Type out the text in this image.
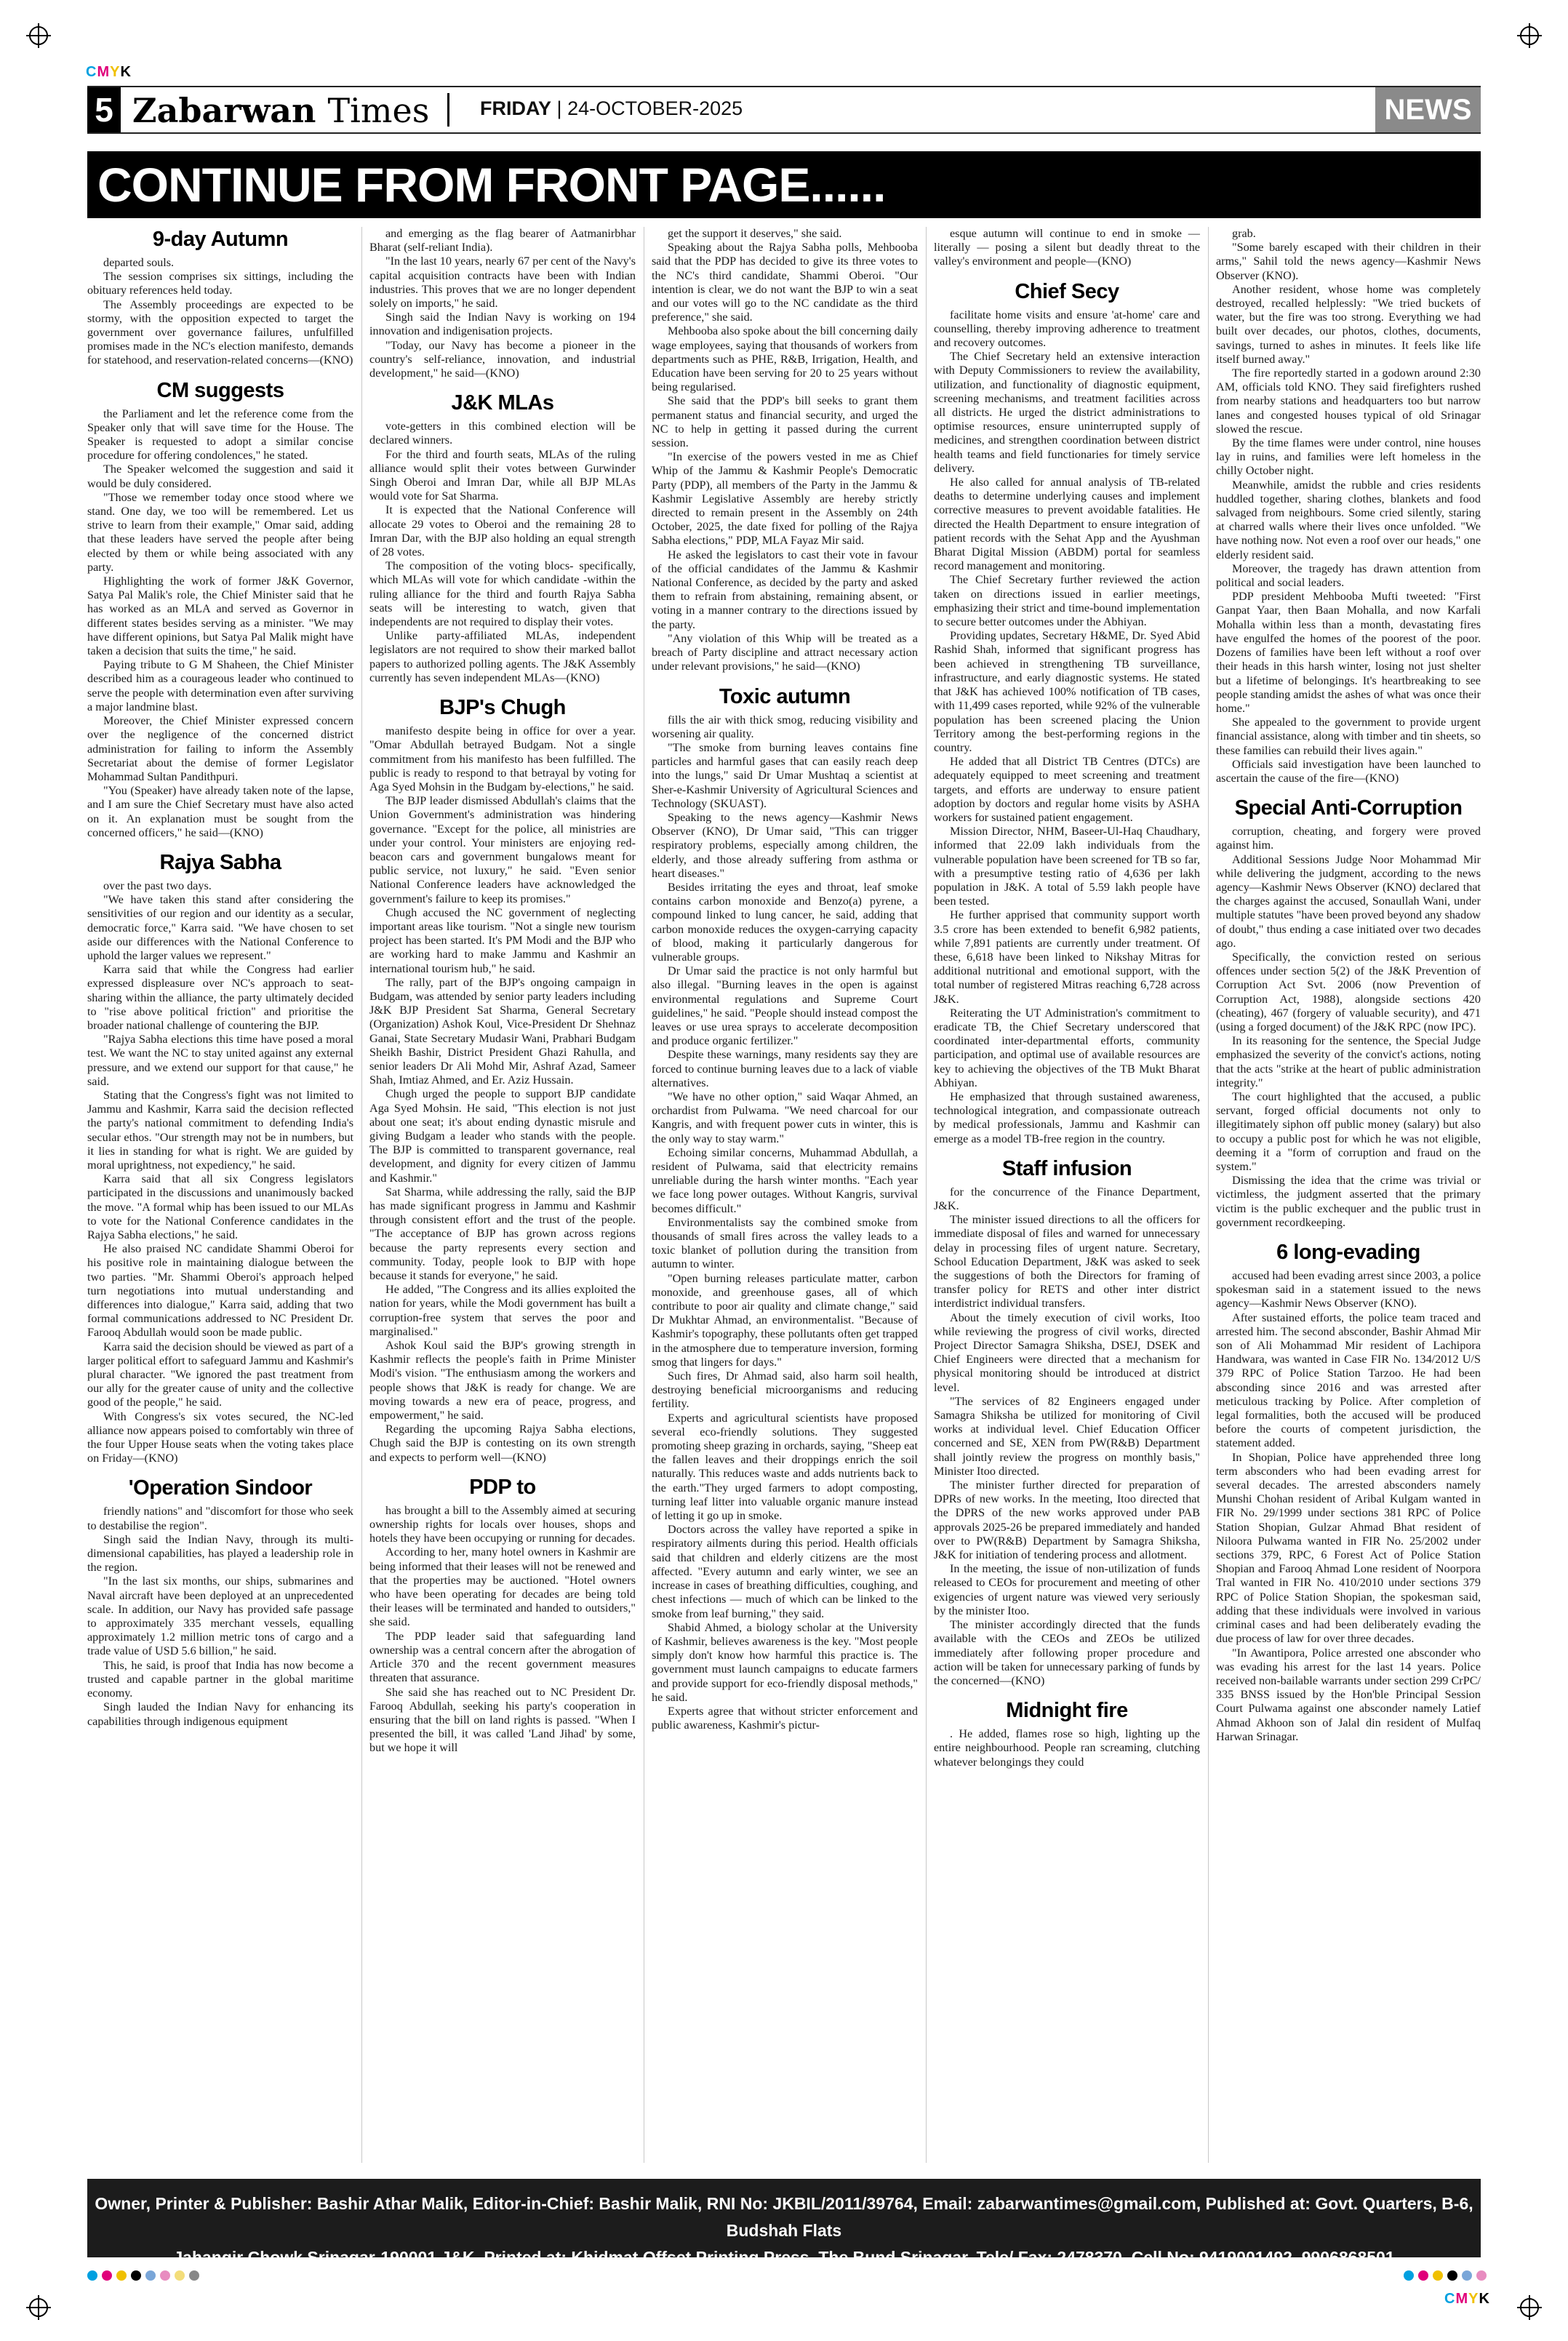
CMYK
CMYK
5 Zabarwan Times	FRIDAY | 24-OCTOBER-2025	NEWS
CONTINUE FROM FRONT PAGE......
9-day Autumn

departed souls.

The session comprises six sittings, including the obituary references held today.

The Assembly proceedings are expected to be stormy, with the opposition expected to target the government over governance failures, unfulfilled promises made in the NC's election manifesto, demands for statehood, and reservation-related concerns—(KNO)

CM suggests

the Parliament and let the reference come from the Speaker only that will save time for the House. The Speaker is requested to adopt a similar concise procedure for offering condolences," he stated.

The Speaker welcomed the suggestion and said it would be duly considered.

"Those we remember today once stood where we stand. One day, we too will be remembered. Let us strive to learn from their example," Omar said, adding that these leaders have served the people after being elected by them or while being associated with any party.

Highlighting the work of former J&K Governor, Satya Pal Malik's role, the Chief Minister said that he has worked as an MLA and served as Governor in different states besides serving as a minister. "We may have different opinions, but Satya Pal Malik might have taken a decision that suits the time," he said.

Paying tribute to G M Shaheen, the Chief Minister described him as a courageous leader who continued to serve the people with determination even after surviving a major landmine blast.

Moreover, the Chief Minister expressed concern over the negligence of the concerned district administration for failing to inform the Assembly Secretariat about the demise of former Legislator Mohammad Sultan Pandithpuri.

"You (Speaker) have already taken note of the lapse, and I am sure the Chief Secretary must have also acted on it. An explanation must be sought from the concerned officers," he said—(KNO)

Rajya Sabha

over the past two days.

"We have taken this stand after considering the sensitivities of our region and our identity as a secular, democratic force," Karra said. "We have chosen to set aside our differences with the National Conference to uphold the larger values we represent."

Karra said that while the Congress had earlier expressed displeasure over NC's approach to seat-sharing within the alliance, the party ultimately decided to "rise above political friction" and prioritise the broader national challenge of countering the BJP.

"Rajya Sabha elections this time have posed a moral test. We want the NC to stay united against any external pressure, and we extend our support for that cause," he said.

Stating that the Congress's fight was not limited to Jammu and Kashmir, Karra said the decision reflected the party's national commitment to defending India's secular ethos. "Our strength may not be in numbers, but it lies in standing for what is right. We are guided by moral uprightness, not expediency," he said.

Karra said that all six Congress legislators participated in the discussions and unanimously backed the move. "A formal whip has been issued to our MLAs to vote for the National Conference candidates in the Rajya Sabha elections," he said.

He also praised NC candidate Shammi Oberoi for his positive role in maintaining dialogue between the two parties. "Mr. Shammi Oberoi's approach helped turn negotiations into mutual understanding and differences into dialogue," Karra said, adding that two formal communications addressed to NC President Dr. Farooq Abdullah would soon be made public.

Karra said the decision should be viewed as part of a larger political effort to safeguard Jammu and Kashmir's plural character. "We ignored the past treatment from our ally for the greater cause of unity and the collective good of the people," he said.

With Congress's six votes secured, the NC-led alliance now appears poised to comfortably win three of the four Upper House seats when the voting takes place on Friday—(KNO)

'Operation Sindoor

friendly nations" and "discomfort for those who seek to destabilise the region".

Singh said the Indian Navy, through its multi-dimensional capabilities, has played a leadership role in the region.

"In the last six months, our ships, submarines and Naval aircraft have been deployed at an unprecedented scale. In addition, our Navy has provided safe passage to approximately 335 merchant vessels, equalling approximately 1.2 million metric tons of cargo and a trade value of USD 5.6 billion," he said.

This, he said, is proof that India has now become a trusted and capable partner in the global maritime economy.

Singh lauded the Indian Navy for enhancing its capabilities through indigenous equipment

and emerging as the flag bearer of Aatmanirbhar Bharat (self-reliant India).

"In the last 10 years, nearly 67 per cent of the Navy's capital acquisition contracts have been with Indian industries. This proves that we are no longer dependent solely on imports," he said.

Singh said the Indian Navy is working on 194 innovation and indigenisation projects.

"Today, our Navy has become a pioneer in the country's self-reliance, innovation, and industrial development," he said—(KNO)

J&K MLAs

vote-getters in this combined election will be declared winners.

For the third and fourth seats, MLAs of the ruling alliance would split their votes between Gurwinder Singh Oberoi and Imran Dar, while all BJP MLAs would vote for Sat Sharma.

It is expected that the National Conference will allocate 29 votes to Oberoi and the remaining 28 to Imran Dar, with the BJP also holding an equal strength of 28 votes.

The composition of the voting blocs- specifically, which MLAs will vote for which candidate -within the ruling alliance for the third and fourth Rajya Sabha seats will be interesting to watch, given that independents are not required to display their votes.

Unlike party-affiliated MLAs, independent legislators are not required to show their marked ballot papers to authorized polling agents. The J&K Assembly currently has seven independent MLAs—(KNO)

BJP's Chugh

manifesto despite being in office for over a year. "Omar Abdullah betrayed Budgam. Not a single commitment from his manifesto has been fulfilled. The public is ready to respond to that betrayal by voting for Aga Syed Mohsin in the Budgam by-elections," he said.

The BJP leader dismissed Abdullah's claims that the Union Government's administration was hindering governance. "Except for the police, all ministries are under your control. Your ministers are enjoying red-beacon cars and government bungalows meant for public service, not luxury," he said. "Even senior National Conference leaders have acknowledged the government's failure to keep its promises."

Chugh accused the NC government of neglecting important areas like tourism. "Not a single new tourism project has been started. It's PM Modi and the BJP who are working hard to make Jammu and Kashmir an international tourism hub," he said.

The rally, part of the BJP's ongoing campaign in Budgam, was attended by senior party leaders including J&K BJP President Sat Sharma, General Secretary (Organization) Ashok Koul, Vice-President Dr Shehnaz Ganai, State Secretary Mudasir Wani, Prabhari Budgam Sheikh Bashir, District President Ghazi Rahulla, and senior leaders Dr Ali Mohd Mir, Ashraf Azad, Sameer Shah, Imtiaz Ahmed, and Er. Aziz Hussain.

Chugh urged the people to support BJP candidate Aga Syed Mohsin. He said, "This election is not just about one seat; it's about ending dynastic misrule and giving Budgam a leader who stands with the people. The BJP is committed to transparent governance, real development, and dignity for every citizen of Jammu and Kashmir."

Sat Sharma, while addressing the rally, said the BJP has made significant progress in Jammu and Kashmir through consistent effort and the trust of the people. "The acceptance of BJP has grown across regions because the party represents every section and community. Today, people look to BJP with hope because it stands for everyone," he said.

He added, "The Congress and its allies exploited the nation for years, while the Modi government has built a corruption-free system that serves the poor and marginalised."

Ashok Koul said the BJP's growing strength in Kashmir reflects the people's faith in Prime Minister Modi's vision. "The enthusiasm among the workers and people shows that J&K is ready for change. We are moving towards a new era of peace, progress, and empowerment," he said.

Regarding the upcoming Rajya Sabha elections, Chugh said the BJP is contesting on its own strength and expects to perform well—(KNO)

PDP to

has brought a bill to the Assembly aimed at securing ownership rights for locals over houses, shops and hotels they have been occupying or running for decades.

According to her, many hotel owners in Kashmir are being informed that their leases will not be renewed and that the properties may be auctioned. "Hotel owners who have been operating for decades are being told their leases will be terminated and handed to outsiders," she said.

The PDP leader said that safeguarding land ownership was a central concern after the abrogation of Article 370 and the recent government measures threaten that assurance.

She said she has reached out to NC President Dr. Farooq Abdullah, seeking his party's cooperation in ensuring that the bill on land rights is passed. "When I presented the bill, it was called 'Land Jihad' by some, but we hope it will

get the support it deserves," she said.

Speaking about the Rajya Sabha polls, Mehbooba said that the PDP has decided to give its three votes to the NC's third candidate, Shammi Oberoi. "Our intention is clear, we do not want the BJP to win a seat and our votes will go to the NC candidate as the third preference," she said.

Mehbooba also spoke about the bill concerning daily wage employees, saying that thousands of workers from departments such as PHE, R&B, Irrigation, Health, and Education have been serving for 20 to 25 years without being regularised.

She said that the PDP's bill seeks to grant them permanent status and financial security, and urged the NC to help in getting it passed during the current session.

"In exercise of the powers vested in me as Chief Whip of the Jammu & Kashmir People's Democratic Party (PDP), all members of the Party in the Jammu & Kashmir Legislative Assembly are hereby strictly directed to remain present in the Assembly on 24th October, 2025, the date fixed for polling of the Rajya Sabha elections," PDP, MLA Fayaz Mir said.

He asked the legislators to cast their vote in favour of the official candidates of the Jammu & Kashmir National Conference, as decided by the party and asked them to refrain from abstaining, remaining absent, or voting in a manner contrary to the directions issued by the party.

"Any violation of this Whip will be treated as a breach of Party discipline and attract necessary action under relevant provisions," he said—(KNO)

Toxic autumn

fills the air with thick smog, reducing visibility and worsening air quality.

"The smoke from burning leaves contains fine particles and harmful gases that can easily reach deep into the lungs," said Dr Umar Mushtaq a scientist at Sher-e-Kashmir University of Agricultural Sciences and Technology (SKUAST).

Speaking to the news agency—Kashmir News Observer (KNO), Dr Umar said, "This can trigger respiratory problems, especially among children, the elderly, and those already suffering from asthma or heart diseases."

Besides irritating the eyes and throat, leaf smoke contains carbon monoxide and Benzo(a) pyrene, a compound linked to lung cancer, he said, adding that carbon monoxide reduces the oxygen-carrying capacity of blood, making it particularly dangerous for vulnerable groups.

Dr Umar said the practice is not only harmful but also illegal. "Burning leaves in the open is against environmental regulations and Supreme Court guidelines," he said. "People should instead compost the leaves or use urea sprays to accelerate decomposition and produce organic fertilizer."

Despite these warnings, many residents say they are forced to continue burning leaves due to a lack of viable alternatives.

"We have no other option," said Waqar Ahmed, an orchardist from Pulwama. "We need charcoal for our Kangris, and with frequent power cuts in winter, this is the only way to stay warm."

Echoing similar concerns, Muhammad Abdullah, a resident of Pulwama, said that electricity remains unreliable during the harsh winter months. "Each year we face long power outages. Without Kangris, survival becomes difficult."

Environmentalists say the combined smoke from thousands of small fires across the valley leads to a toxic blanket of pollution during the transition from autumn to winter.

"Open burning releases particulate matter, carbon monoxide, and greenhouse gases, all of which contribute to poor air quality and climate change," said Dr Mukhtar Ahmad, an environmentalist. "Because of Kashmir's topography, these pollutants often get trapped in the atmosphere due to temperature inversion, forming smog that lingers for days."

Such fires, Dr Ahmad said, also harm soil health, destroying beneficial microorganisms and reducing fertility.

Experts and agricultural scientists have proposed several eco-friendly solutions. They suggested promoting sheep grazing in orchards, saying, "Sheep eat the fallen leaves and their droppings enrich the soil naturally. This reduces waste and adds nutrients back to the earth."They urged farmers to adopt composting, turning leaf litter into valuable organic manure instead of letting it go up in smoke.

Doctors across the valley have reported a spike in respiratory ailments during this period. Health officials said that children and elderly citizens are the most affected. "Every autumn and early winter, we see an increase in cases of breathing difficulties, coughing, and chest infections — much of which can be linked to the smoke from leaf burning," they said.

Shabid Ahmed, a biology scholar at the University of Kashmir, believes awareness is the key. "Most people simply don't know how harmful this practice is. The government must launch campaigns to educate farmers and provide support for eco-friendly disposal methods," he said.

Experts agree that without stricter enforcement and public awareness, Kashmir's pictur-

esque autumn will continue to end in smoke — literally — posing a silent but deadly threat to the valley's environment and people—(KNO)

Chief Secy

facilitate home visits and ensure 'at-home' care and counselling, thereby improving adherence to treatment and recovery outcomes.

The Chief Secretary held an extensive interaction with Deputy Commissioners to review the availability, utilization, and functionality of diagnostic equipment, screening mechanisms, and treatment facilities across all districts. He urged the district administrations to optimise resources, ensure uninterrupted supply of medicines, and strengthen coordination between district health teams and field functionaries for timely service delivery.

He also called for annual analysis of TB-related deaths to determine underlying causes and implement corrective measures to prevent avoidable fatalities. He directed the Health Department to ensure integration of patient records with the Sehat App and the Ayushman Bharat Digital Mission (ABDM) portal for seamless record management and monitoring.

The Chief Secretary further reviewed the action taken on directions issued in earlier meetings, emphasizing their strict and time-bound implementation to secure better outcomes under the Abhiyan.

Providing updates, Secretary H&ME, Dr. Syed Abid Rashid Shah, informed that significant progress has been achieved in strengthening TB surveillance, infrastructure, and early diagnostic systems. He stated that J&K has achieved 100% notification of TB cases, with 11,499 cases reported, while 92% of the vulnerable population has been screened placing the Union Territory among the best-performing regions in the country.

He added that all District TB Centres (DTCs) are adequately equipped to meet screening and treatment targets, and efforts are underway to ensure patient adoption by doctors and regular home visits by ASHA workers for sustained patient engagement.

Mission Director, NHM, Baseer-Ul-Haq Chaudhary, informed that 22.09 lakh individuals from the vulnerable population have been screened for TB so far, with a presumptive testing ratio of 4,636 per lakh population in J&K. A total of 5.59 lakh people have been tested.

He further apprised that community support worth 3.5 crore has been extended to benefit 6,982 patients, while 7,891 patients are currently under treatment. Of these, 6,618 have been linked to Nikshay Mitras for additional nutritional and emotional support, with the total number of registered Mitras reaching 6,728 across J&K.

Reiterating the UT Administration's commitment to eradicate TB, the Chief Secretary underscored that coordinated inter-departmental efforts, community participation, and optimal use of available resources are key to achieving the objectives of the TB Mukt Bharat Abhiyan.

He emphasized that through sustained awareness, technological integration, and compassionate outreach by medical professionals, Jammu and Kashmir can emerge as a model TB-free region in the country.

Staff infusion

for the concurrence of the Finance Department, J&K.

The minister issued directions to all the officers for immediate disposal of files and warned for unnecessary delay in processing files of urgent nature. Secretary, School Education Department, J&K was asked to seek the suggestions of both the Directors for framing of transfer policy for RETS and other inter district interdistrict individual transfers.

About the timely execution of civil works, Itoo while reviewing the progress of civil works, directed Project Director Samagra Shiksha, DSEJ, DSEK and Chief Engineers were directed that a mechanism for physical monitoring should be introduced at district level.

"The services of 82 Engineers engaged under Samagra Shiksha be utilized for monitoring of Civil works at individual level. Chief Education Officer concerned and SE, XEN from PW(R&B) Department shall jointly review the progress on monthly basis," Minister Itoo directed.

The minister further directed for preparation of DPRs of new works. In the meeting, Itoo directed that the DPRS of the new works approved under PAB approvals 2025-26 be prepared immediately and handed over to PW(R&B) Department by Samagra Shiksha, J&K for initiation of tendering process and allotment.

In the meeting, the issue of non-utilization of funds released to CEOs for procurement and meeting of other exigencies of urgent nature was viewed very seriously by the minister Itoo.

The minister accordingly directed that the funds available with the CEOs and ZEOs be utilized immediately after following proper procedure and action will be taken for unnecessary parking of funds by the concerned—(KNO)

Midnight fire

. He added, flames rose so high, lighting up the entire neighbourhood. People ran screaming, clutching whatever belongings they could

grab.

"Some barely escaped with their children in their arms," Sahil told the news agency—Kashmir News Observer (KNO).

Another resident, whose home was completely destroyed, recalled helplessly: "We tried buckets of water, but the fire was too strong. Everything we had built over decades, our photos, clothes, documents, savings, turned to ashes in minutes. It feels like life itself burned away."

The fire reportedly started in a godown around 2:30 AM, officials told KNO. They said firefighters rushed from nearby stations and headquarters too but narrow lanes and congested houses typical of old Srinagar slowed the rescue.

By the time flames were under control, nine houses lay in ruins, and families were left homeless in the chilly October night.

Meanwhile, amidst the rubble and cries residents huddled together, sharing clothes, blankets and food salvaged from neighbours. Some cried silently, staring at charred walls where their lives once unfolded. "We have nothing now. Not even a roof over our heads," one elderly resident said.

Moreover, the tragedy has drawn attention from political and social leaders.

PDP president Mehbooba Mufti tweeted: "First Ganpat Yaar, then Baan Mohalla, and now Karfali Mohalla within less than a month, devastating fires have engulfed the homes of the poorest of the poor. Dozens of families have been left without a roof over their heads in this harsh winter, losing not just shelter but a lifetime of belongings. It's heartbreaking to see people standing amidst the ashes of what was once their home."

She appealed to the government to provide urgent financial assistance, along with timber and tin sheets, so these families can rebuild their lives again."

Officials said investigation have been launched to ascertain the cause of the fire—(KNO)

Special Anti-Corruption

corruption, cheating, and forgery were proved against him.

Additional Sessions Judge Noor Mohammad Mir while delivering the judgment, according to the news agency—Kashmir News Observer (KNO) declared that the charges against the accused, Sonaullah Wani, under multiple statutes "have been proved beyond any shadow of doubt," thus ending a case initiated over two decades ago.

Specifically, the conviction rested on serious offences under section 5(2) of the J&K Prevention of Corruption Act Svt. 2006 (now Prevention of Corruption Act, 1988), alongside sections 420 (cheating), 467 (forgery of valuable security), and 471 (using a forged document) of the J&K RPC (now IPC).

In its reasoning for the sentence, the Special Judge emphasized the severity of the convict's actions, noting that the acts "strike at the heart of public administration integrity."

The court highlighted that the accused, a public servant, forged official documents not only to illegitimately siphon off public money (salary) but also to occupy a public post for which he was not eligible, deeming it a "form of corruption and fraud on the system."

Dismissing the idea that the crime was trivial or victimless, the judgment asserted that the primary victim is the public exchequer and the public trust in government recordkeeping.

6 long-evading

accused had been evading arrest since 2003, a police spokesman said in a statement issued to the news agency—Kashmir News Observer (KNO).

After sustained efforts, the police team traced and arrested him. The second absconder, Bashir Ahmad Mir son of Ali Mohammad Mir resident of Lachipora Handwara, was wanted in Case FIR No. 134/2012 U/S 379 RPC of Police Station Tarzoo. He had been absconding since 2016 and was arrested after meticulous tracking by Police. After completion of legal formalities, both the accused will be produced before the courts of competent jurisdiction, the statement added.

In Shopian, Police have apprehended three long term absconders who had been evading arrest for several decades. The arrested absconders namely Munshi Chohan resident of Aribal Kulgam wanted in FIR No. 29/1999 under sections 381 RPC of Police Station Shopian, Gulzar Ahmad Bhat resident of Niloora Pulwama wanted in FIR No. 25/2002 under sections 379, RPC, 6 Forest Act of Police Station Shopian and Farooq Ahmad Lone resident of Noorpora Tral wanted in FIR No. 410/2010 under sections 379 RPC of Police Station Shopian, the spokesman said, adding that these individuals were involved in various criminal cases and had been deliberately evading the due process of law for over three decades.

"In Awantipora, Police arrested one absconder who was evading his arrest for the last 14 years. Police received non-bailable warrants under section 299 CrPC/ 335 BNSS issued by the Hon'ble Principal Session Court Pulwama against one absconder namely Latief Ahmad Akhoon son of Jalal din resident of Mulfaq Harwan Srinagar.

Owner, Printer & Publisher: Bashir Athar Malik, Editor-in-Chief: Bashir Malik, RNI No: JKBIL/2011/39764, Email: zabarwantimes@gmail.com, Published at: Govt. Quarters, B-6, Budshah Flats
Jahangir Chowk Srinagar-190001 J&K, Printed at: Khidmat Offset Printing Press, The Bund Srinagar, Tele/ Fax: 2478370, Cell No: 9419001492, 9906868501
